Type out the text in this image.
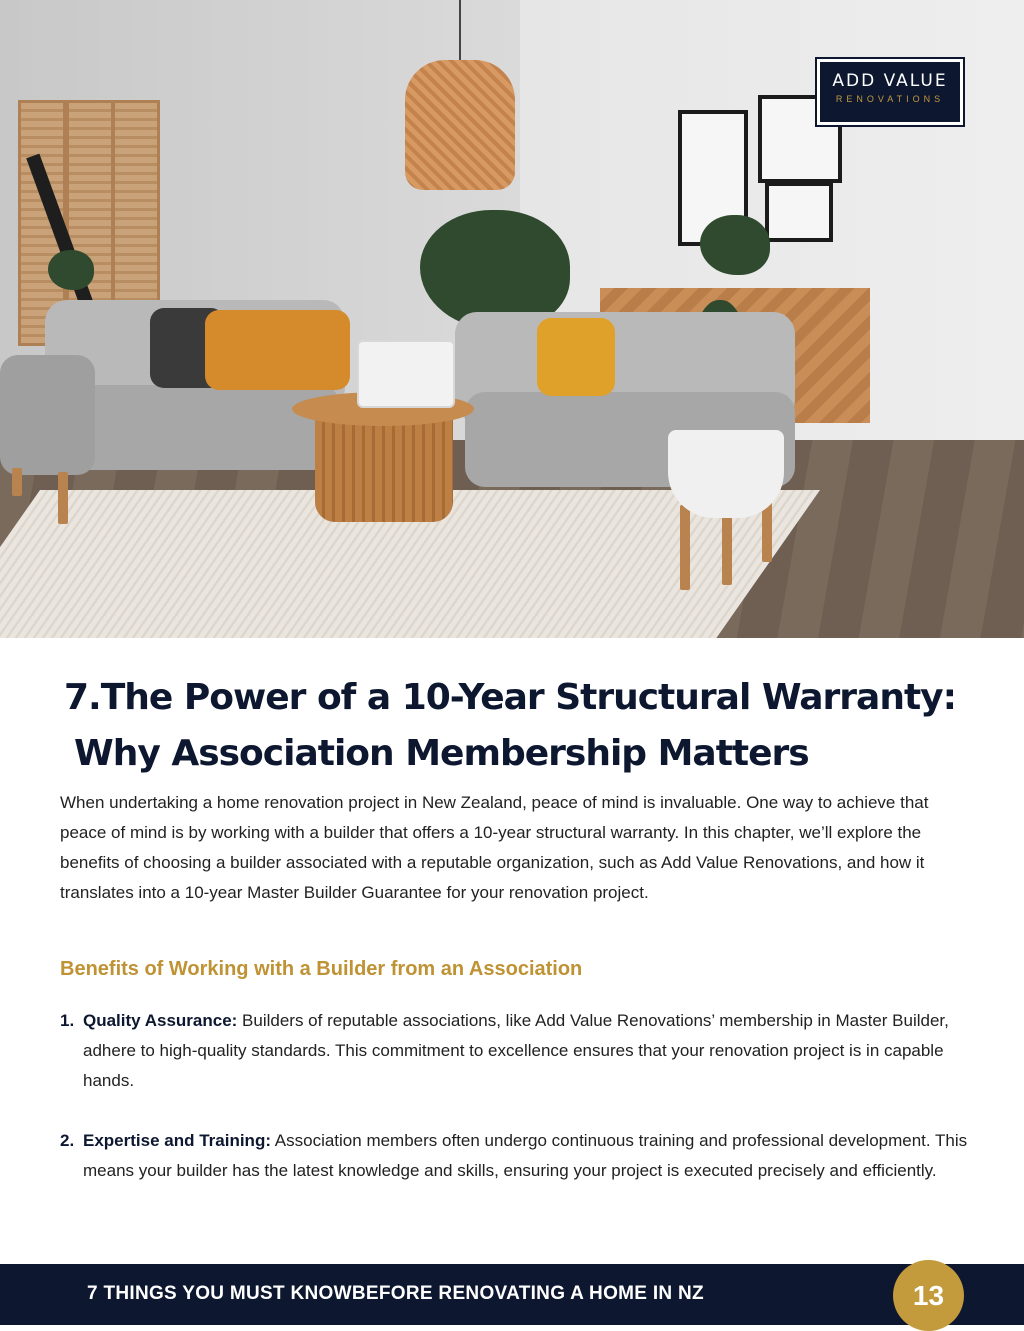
ADD VALUE
RENOVATIONS
7.The Power of a 10-Year Structural Warranty:
Why Association Membership Matters

When undertaking a home renovation project in New Zealand, peace of mind is invaluable. One way to achieve that peace of mind is by working with a builder that offers a 10-year structural warranty. In this chapter, we’ll explore the benefits of choosing a builder associated with a reputable organization, such as Add Value Renovations, and how it translates into a 10-year Master Builder Guarantee for your renovation project.

Benefits of Working with a Builder from an Association
1. Quality Assurance: Builders of reputable associations, like Add Value Renovations’ membership in Master Builder, adhere to high-quality standards. This commitment to excellence ensures that your renovation project is in capable hands.
2. Expertise and Training: Association members often undergo continuous training and professional development. This means your builder has the latest knowledge and skills, ensuring your project is executed precisely and efficiently.
7 THINGS YOU MUST KNOWBEFORE RENOVATING A HOME IN NZ	13
